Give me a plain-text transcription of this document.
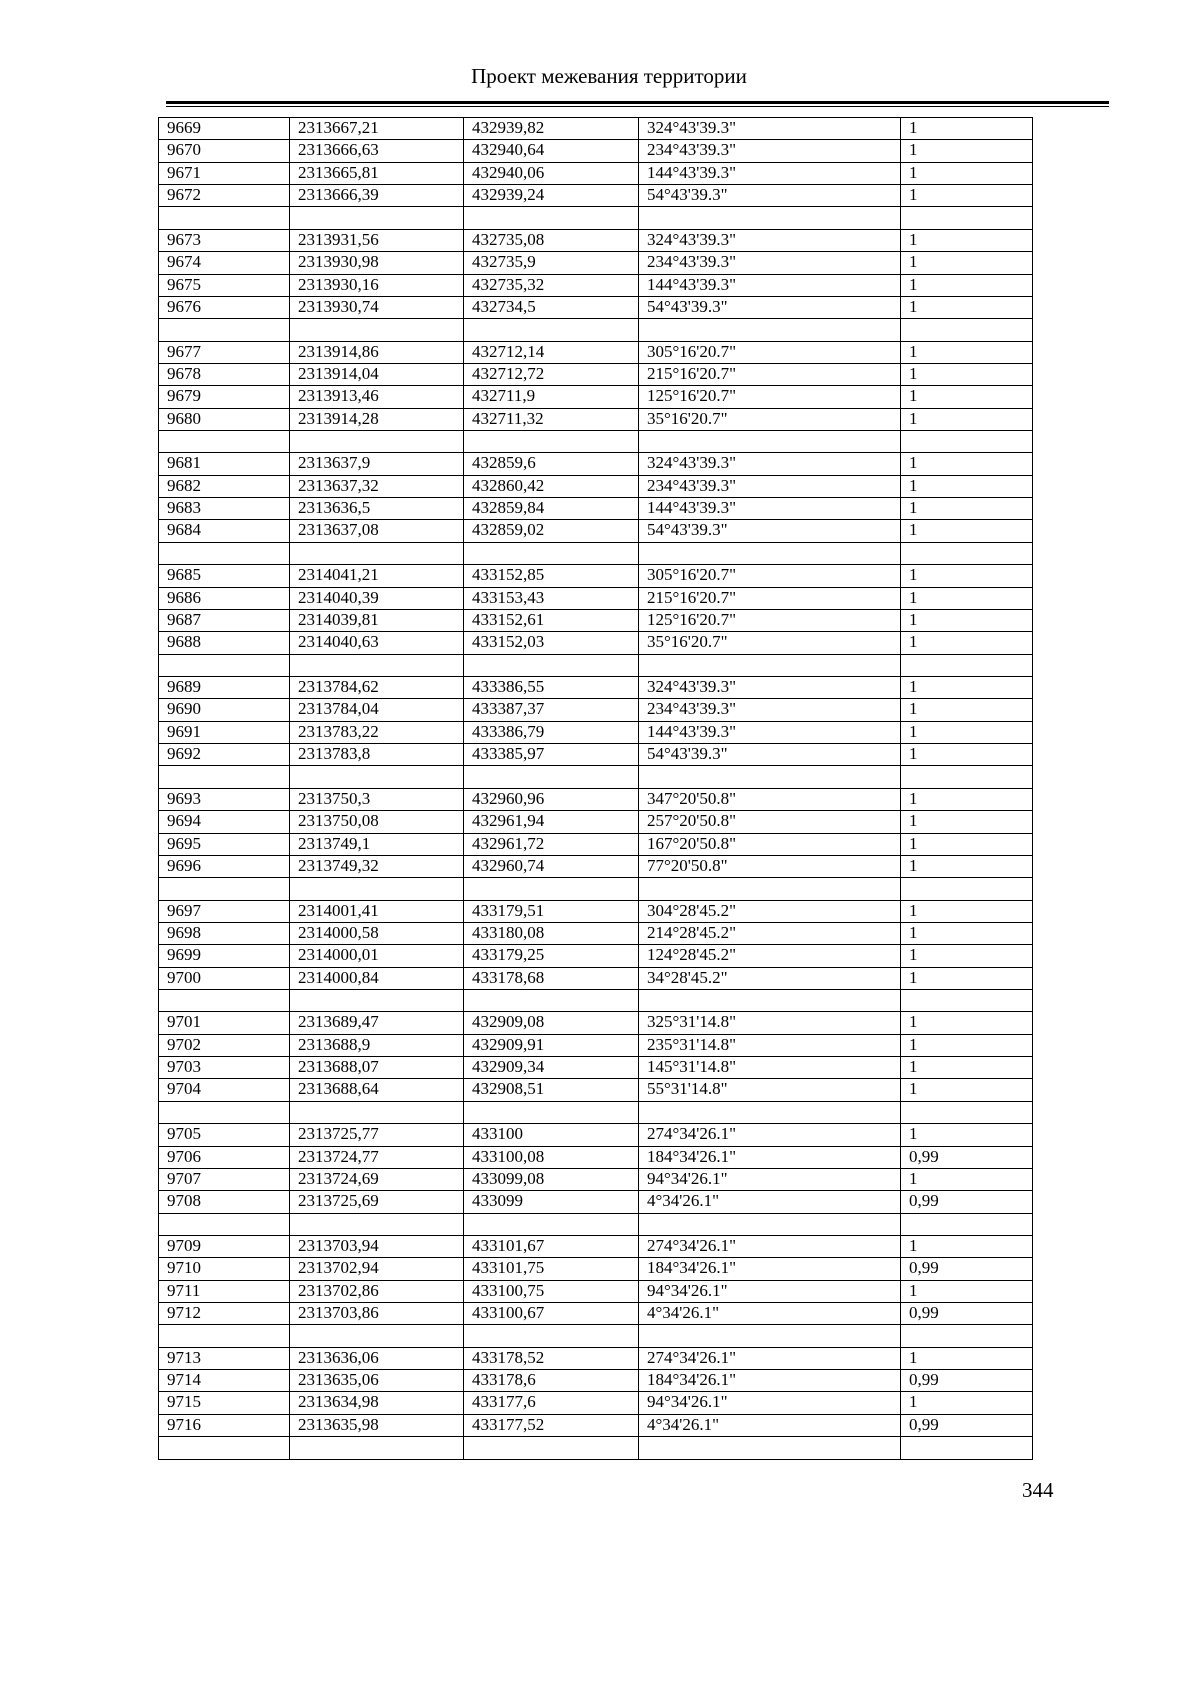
Проект межевания территории
9669	2313667,21	432939,82	324°43'39.3"	1
9670	2313666,63	432940,64	234°43'39.3"	1
9671	2313665,81	432940,06	144°43'39.3"	1
9672	2313666,39	432939,24	54°43'39.3"	1

9673	2313931,56	432735,08	324°43'39.3"	1
9674	2313930,98	432735,9	234°43'39.3"	1
9675	2313930,16	432735,32	144°43'39.3"	1
9676	2313930,74	432734,5	54°43'39.3"	1

9677	2313914,86	432712,14	305°16'20.7"	1
9678	2313914,04	432712,72	215°16'20.7"	1
9679	2313913,46	432711,9	125°16'20.7"	1
9680	2313914,28	432711,32	35°16'20.7"	1

9681	2313637,9	432859,6	324°43'39.3"	1
9682	2313637,32	432860,42	234°43'39.3"	1
9683	2313636,5	432859,84	144°43'39.3"	1
9684	2313637,08	432859,02	54°43'39.3"	1

9685	2314041,21	433152,85	305°16'20.7"	1
9686	2314040,39	433153,43	215°16'20.7"	1
9687	2314039,81	433152,61	125°16'20.7"	1
9688	2314040,63	433152,03	35°16'20.7"	1

9689	2313784,62	433386,55	324°43'39.3"	1
9690	2313784,04	433387,37	234°43'39.3"	1
9691	2313783,22	433386,79	144°43'39.3"	1
9692	2313783,8	433385,97	54°43'39.3"	1

9693	2313750,3	432960,96	347°20'50.8"	1
9694	2313750,08	432961,94	257°20'50.8"	1
9695	2313749,1	432961,72	167°20'50.8"	1
9696	2313749,32	432960,74	77°20'50.8"	1

9697	2314001,41	433179,51	304°28'45.2"	1
9698	2314000,58	433180,08	214°28'45.2"	1
9699	2314000,01	433179,25	124°28'45.2"	1
9700	2314000,84	433178,68	34°28'45.2"	1

9701	2313689,47	432909,08	325°31'14.8"	1
9702	2313688,9	432909,91	235°31'14.8"	1
9703	2313688,07	432909,34	145°31'14.8"	1
9704	2313688,64	432908,51	55°31'14.8"	1

9705	2313725,77	433100	274°34'26.1"	1
9706	2313724,77	433100,08	184°34'26.1"	0,99
9707	2313724,69	433099,08	94°34'26.1"	1
9708	2313725,69	433099	4°34'26.1"	0,99

9709	2313703,94	433101,67	274°34'26.1"	1
9710	2313702,94	433101,75	184°34'26.1"	0,99
9711	2313702,86	433100,75	94°34'26.1"	1
9712	2313703,86	433100,67	4°34'26.1"	0,99

9713	2313636,06	433178,52	274°34'26.1"	1
9714	2313635,06	433178,6	184°34'26.1"	0,99
9715	2313634,98	433177,6	94°34'26.1"	1
9716	2313635,98	433177,52	4°34'26.1"	0,99

344
